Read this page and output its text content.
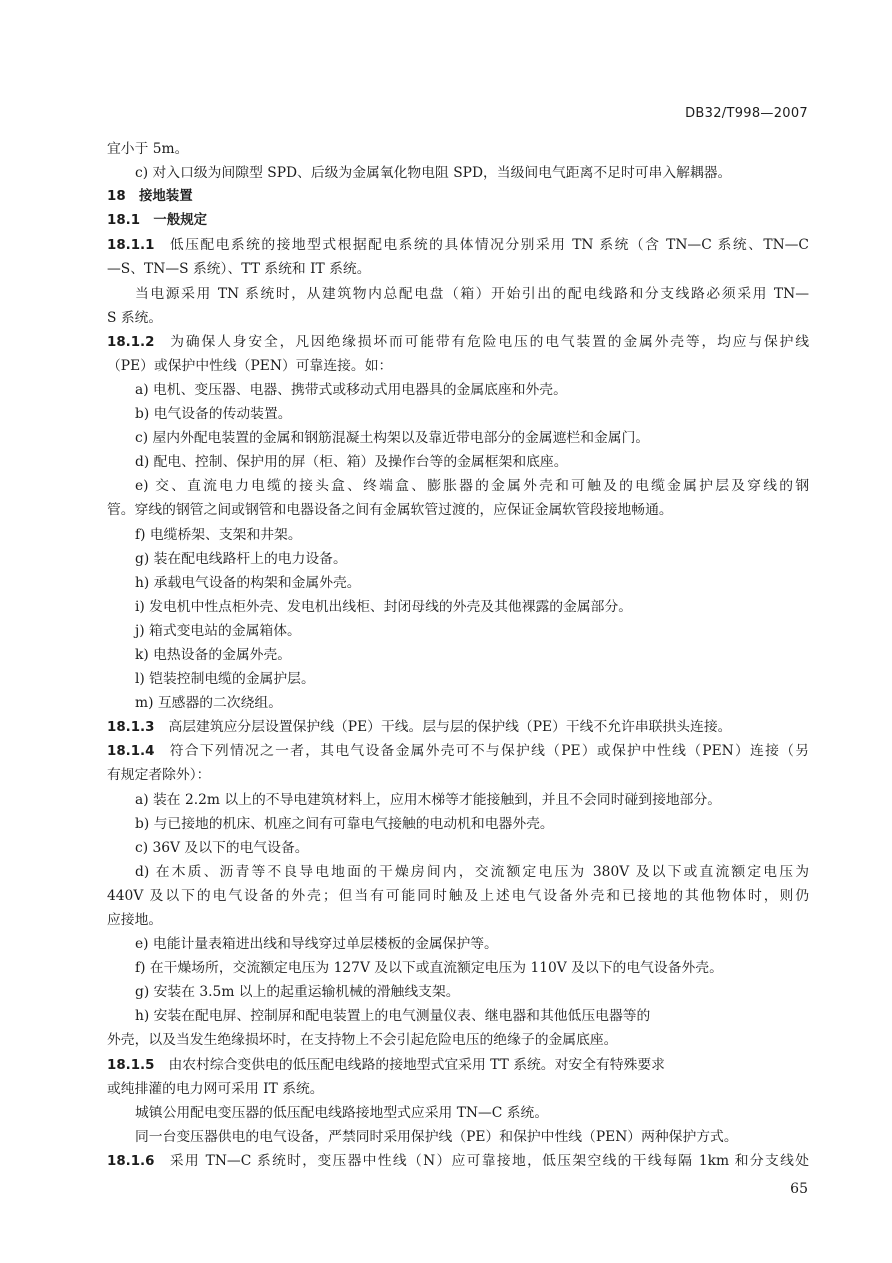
DB32/T998—2007
宜小于 5m。
c) 对入口级为间隙型 SPD、后级为金属氧化物电阻 SPD，当级间电气距离不足时可串入解耦器。
18　接地装置
18.1　一般规定
18.1.1 低压配电系统的接地型式根据配电系统的具体情况分别采用 TN 系统（含 TN—C 系统、TN—C
—S、TN—S 系统）、TT 系统和 IT 系统。
当电源采用 TN 系统时，从建筑物内总配电盘（箱）开始引出的配电线路和分支线路必须采用 TN—
S 系统。
18.1.2 为确保人身安全，凡因绝缘损坏而可能带有危险电压的电气装置的金属外壳等，均应与保护线
（PE）或保护中性线（PEN）可靠连接。如：
a) 电机、变压器、电器、携带式或移动式用电器具的金属底座和外壳。
b) 电气设备的传动装置。
c) 屋内外配电装置的金属和钢筋混凝土构架以及靠近带电部分的金属遮栏和金属门。
d) 配电、控制、保护用的屏（柜、箱）及操作台等的金属框架和底座。
e) 交、直流电力电缆的接头盒、终端盒、膨胀器的金属外壳和可触及的电缆金属护层及穿线的钢
管。穿线的钢管之间或钢管和电器设备之间有金属软管过渡的，应保证金属软管段接地畅通。
f) 电缆桥架、支架和井架。
g) 装在配电线路杆上的电力设备。
h) 承载电气设备的构架和金属外壳。
i) 发电机中性点柜外壳、发电机出线柜、封闭母线的外壳及其他裸露的金属部分。
j) 箱式变电站的金属箱体。
k) 电热设备的金属外壳。
l) 铠装控制电缆的金属护层。
m) 互感器的二次绕组。
18.1.3 高层建筑应分层设置保护线（PE）干线。层与层的保护线（PE）干线不允许串联拱头连接。
18.1.4 符合下列情况之一者，其电气设备金属外壳可不与保护线（PE）或保护中性线（PEN）连接（另
有规定者除外）：
a) 装在 2.2m 以上的不导电建筑材料上，应用木梯等才能接触到，并且不会同时碰到接地部分。
b) 与已接地的机床、机座之间有可靠电气接触的电动机和电器外壳。
c) 36V 及以下的电气设备。
d) 在木质、沥青等不良导电地面的干燥房间内，交流额定电压为 380V 及以下或直流额定电压为
440V 及以下的电气设备的外壳；但当有可能同时触及上述电气设备外壳和已接地的其他物体时，则仍
应接地。
e) 电能计量表箱进出线和导线穿过单层楼板的金属保护等。
f) 在干燥场所，交流额定电压为 127V 及以下或直流额定电压为 110V 及以下的电气设备外壳。
g) 安装在 3.5m 以上的起重运输机械的滑触线支架。
h) 安装在配电屏、控制屏和配电装置上的电气测量仪表、继电器和其他低压电器等的
外壳，以及当发生绝缘损坏时，在支持物上不会引起危险电压的绝缘子的金属底座。
18.1.5 由农村综合变供电的低压配电线路的接地型式宜采用 TT 系统。对安全有特殊要求
或纯排灌的电力网可采用 IT 系统。
城镇公用配电变压器的低压配电线路接地型式应采用 TN—C 系统。
同一台变压器供电的电气设备，严禁同时采用保护线（PE）和保护中性线（PEN）两种保护方式。
18.1.6 采用 TN—C 系统时，变压器中性线（N）应可靠接地，低压架空线的干线每隔 1km 和分支线处
65
